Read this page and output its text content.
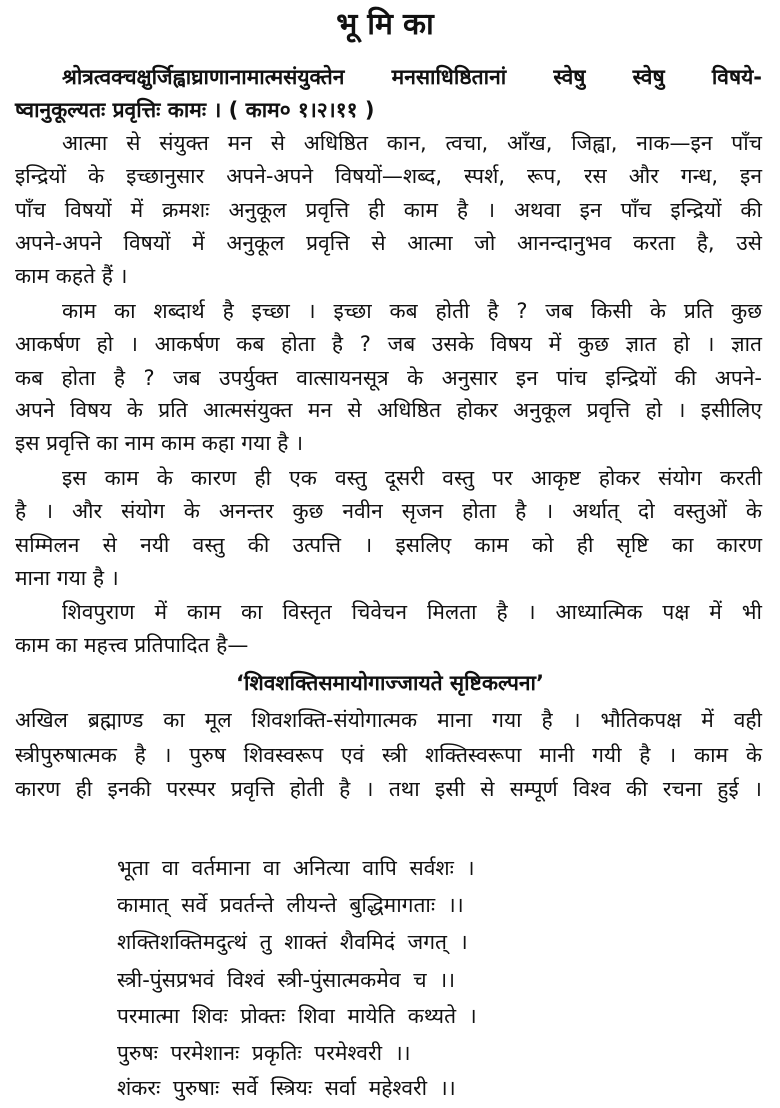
भूमिका
श्रोत्रत्वक्चक्षुर्जिह्वाघ्राणानामात्मसंयुक्तेन मनसाधिष्ठितानां स्वेषु स्वेषु विषये-
ष्वानुकूल्यतः प्रवृत्तिः कामः । ( काम० १।२।११ )
आत्मा से संयुक्त मन से अधिष्ठित कान, त्वचा, आँख, जिह्वा, नाक—इन पाँच
इन्द्रियों के इच्छानुसार अपने-अपने विषयों—शब्द, स्पर्श, रूप, रस और गन्ध, इन
पाँच विषयों में क्रमशः अनुकूल प्रवृत्ति ही काम है । अथवा इन पाँच इन्द्रियों की
अपने-अपने विषयों में अनुकूल प्रवृत्ति से आत्मा जो आनन्दानुभव करता है, उसे
काम कहते हैं ।
काम का शब्दार्थ है इच्छा । इच्छा कब होती है ? जब किसी के प्रति कुछ
आकर्षण हो । आकर्षण कब होता है ? जब उसके विषय में कुछ ज्ञात हो । ज्ञात
कब होता है ? जब उपर्युक्त वात्सायनसूत्र के अनुसार इन पांच इन्द्रियों की अपने-
अपने विषय के प्रति आत्मसंयुक्त मन से अधिष्ठित होकर अनुकूल प्रवृत्ति हो । इसीलिए
इस प्रवृत्ति का नाम काम कहा गया है ।
इस काम के कारण ही एक वस्तु दूसरी वस्तु पर आकृष्ट होकर संयोग करती
है । और संयोग के अनन्तर कुछ नवीन सृजन होता है । अर्थात् दो वस्तुओं के
सम्मिलन से नयी वस्तु की उत्पत्ति । इसलिए काम को ही सृष्टि का कारण
माना गया है ।
शिवपुराण में काम का विस्तृत चिवेचन मिलता है । आध्यात्मिक पक्ष में भी
काम का महत्त्व प्रतिपादित है—
‘शिवशक्तिसमायोगाज्जायते सृष्टिकल्पना’
अखिल ब्रह्माण्ड का मूल शिवशक्ति-संयोगात्मक माना गया है । भौतिकपक्ष में वही
स्त्रीपुरुषात्मक है । पुरुष शिवस्वरूप एवं स्त्री शक्तिस्वरूपा मानी गयी है । काम के
कारण ही इनकी परस्पर प्रवृत्ति होती है । तथा इसी से सम्पूर्ण विश्व की रचना हुई ।
भूता वा वर्तमाना वा अनित्या वापि सर्वशः ।
कामात् सर्वे प्रवर्तन्ते लीयन्ते बुद्धिमागताः ।।
शक्तिशक्तिमदुत्थं तु शाक्तं शैवमिदं जगत् ।
स्त्री-पुंसप्रभवं विश्वं स्त्री-पुंसात्मकमेव च ।।
परमात्मा शिवः प्रोक्तः शिवा मायेति कथ्यते ।
पुरुषः परमेशानः प्रकृतिः परमेश्वरी ।।
शंकरः पुरुषाः सर्वे स्त्रियः सर्वा महेश्वरी ।।
